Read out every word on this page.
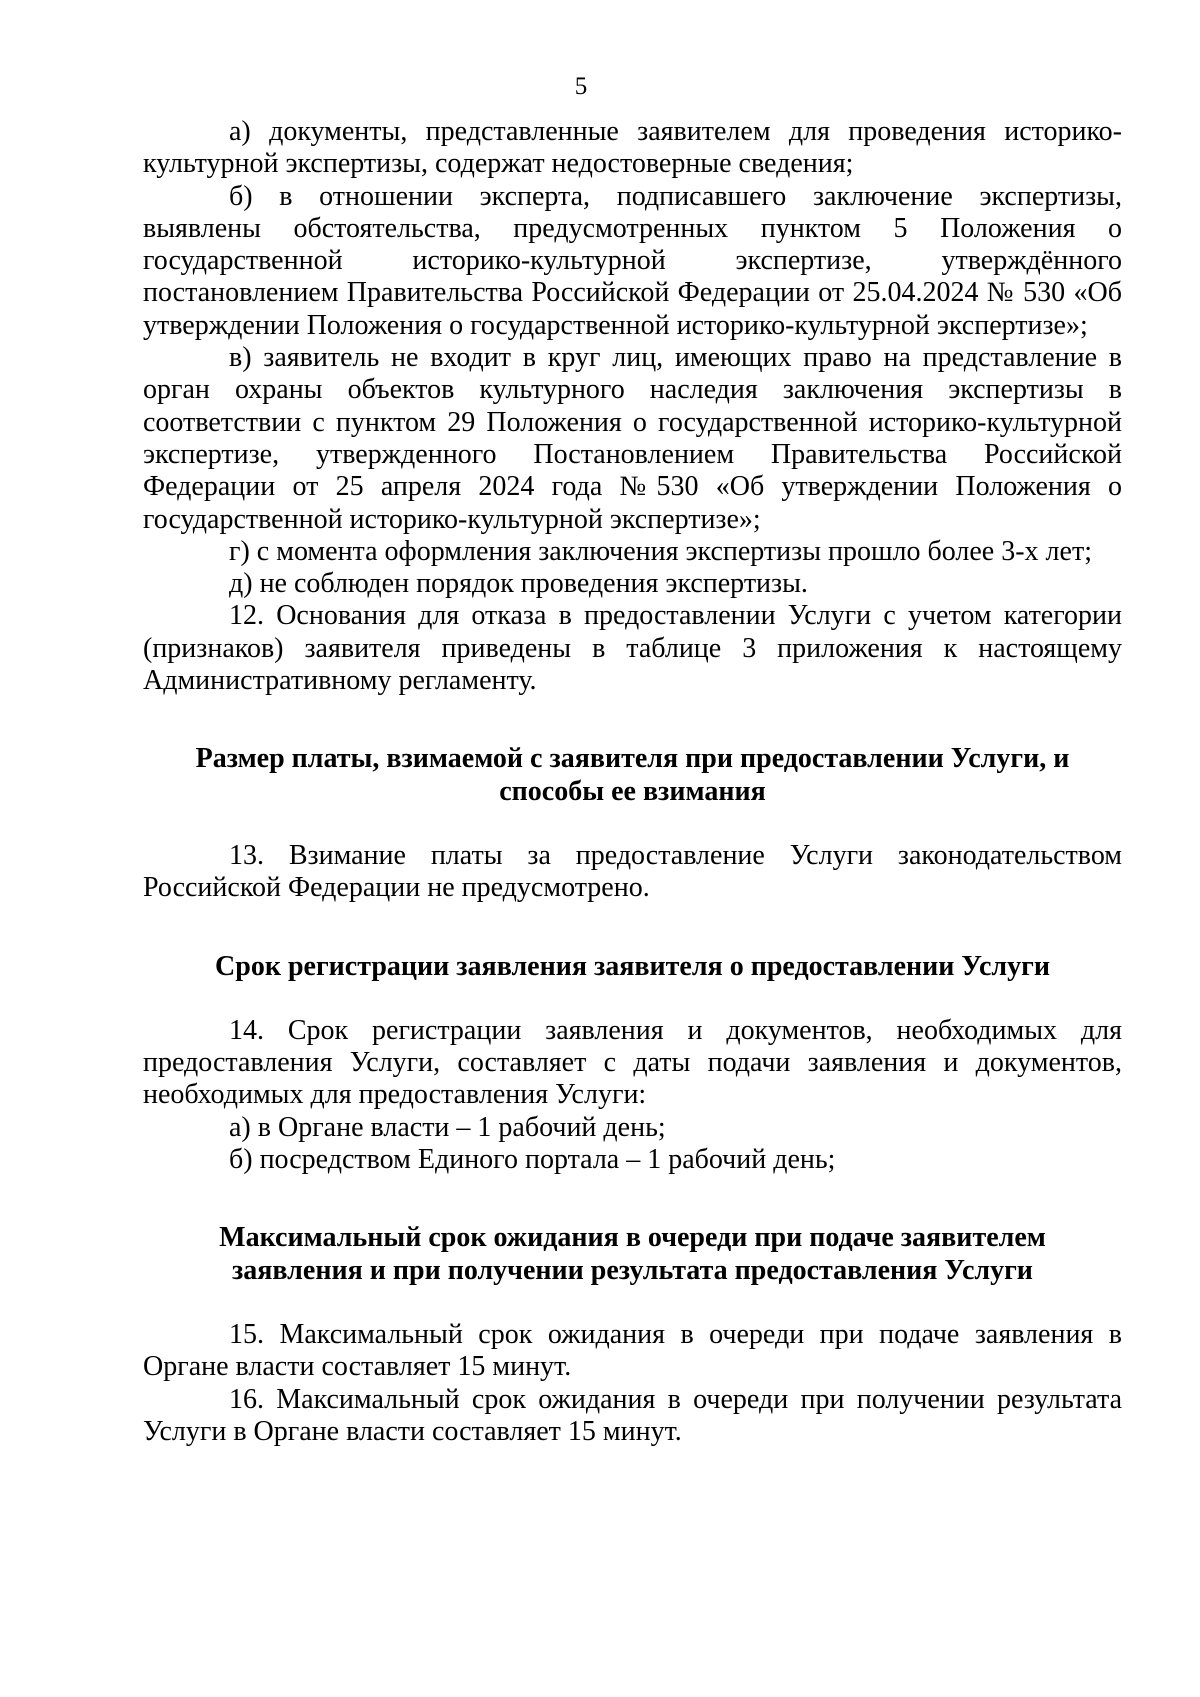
5

а) документы, представленные заявителем для проведения историко-культурной экспертизы, содержат недостоверные сведения;

б) в отношении эксперта, подписавшего заключение экспертизы, выявлены обстоятельства, предусмотренных пунктом 5 Положения о государственной историко-культурной экспертизе, утверждённого постановлением Правительства Российской Федерации от 25.04.2024 № 530 «Об утверждении Положения о государственной историко-культурной экспертизе»;

в) заявитель не входит в круг лиц, имеющих право на представление в орган охраны объектов культурного наследия заключения экспертизы в соответствии с пунктом 29 Положения о государственной историко-культурной экспертизе, утвержденного Постановлением Правительства Российской Федерации от 25 апреля 2024 года №530 «Об утверждении Положения о государственной историко-культурной экспертизе»;

г) с момента оформления заключения экспертизы прошло более 3-х лет;

д) не соблюден порядок проведения экспертизы.

12. Основания для отказа в предоставлении Услуги с учетом категории (признаков) заявителя приведены в таблице 3 приложения к настоящему Административному регламенту.

Размер платы, взимаемой с заявителя при предоставлении Услуги, и способы ее взимания

13. Взимание платы за предоставление Услуги законодательством Российской Федерации не предусмотрено.

Срок регистрации заявления заявителя о предоставлении Услуги

14. Срок регистрации заявления и документов, необходимых для предоставления Услуги, составляет с даты подачи заявления и документов, необходимых для предоставления Услуги:

а) в Органе власти – 1 рабочий день;

б) посредством Единого портала – 1 рабочий день;

Максимальный срок ожидания в очереди при подаче заявителем заявления и при получении результата предоставления Услуги

15. Максимальный срок ожидания в очереди при подаче заявления в Органе власти составляет 15 минут.

16. Максимальный срок ожидания в очереди при получении результата Услуги в Органе власти составляет 15 минут.
